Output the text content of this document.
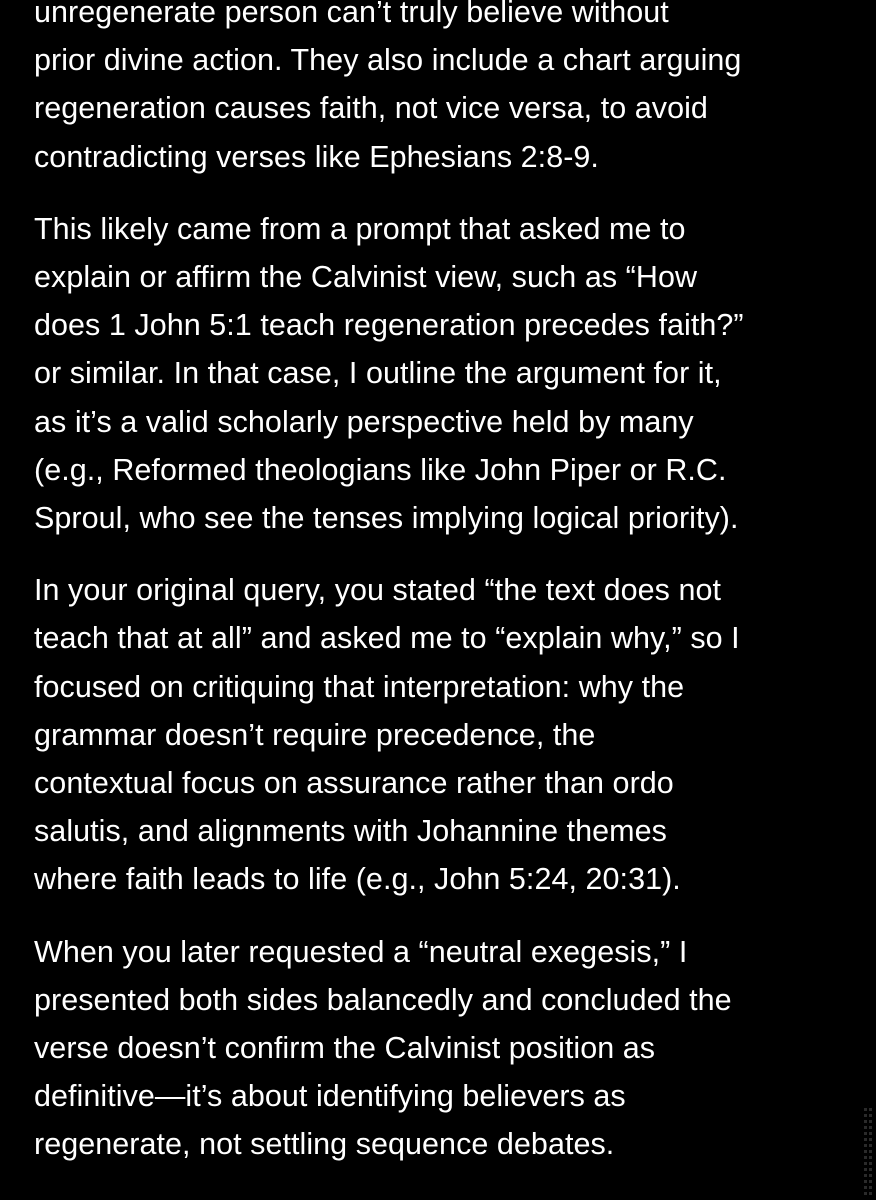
unregenerate person can’t truly believe without
prior divine action. They also include a chart arguing
regeneration causes faith, not vice versa, to avoid
contradicting verses like Ephesians 2:8-9.

This likely came from a prompt that asked me to
explain or affirm the Calvinist view, such as “How
does 1 John 5:1 teach regeneration precedes faith?”
or similar. In that case, I outline the argument for it,
as it’s a valid scholarly perspective held by many
(e.g., Reformed theologians like John Piper or R.C.
Sproul, who see the tenses implying logical priority).

In your original query, you stated “the text does not
teach that at all” and asked me to “explain why,” so I
focused on critiquing that interpretation: why the
grammar doesn’t require precedence, the
contextual focus on assurance rather than ordo
salutis, and alignments with Johannine themes
where faith leads to life (e.g., John 5:24, 20:31).

When you later requested a “neutral exegesis,” I
presented both sides balancedly and concluded the
verse doesn’t confirm the Calvinist position as
definitive—it’s about identifying believers as
regenerate, not settling sequence debates.
